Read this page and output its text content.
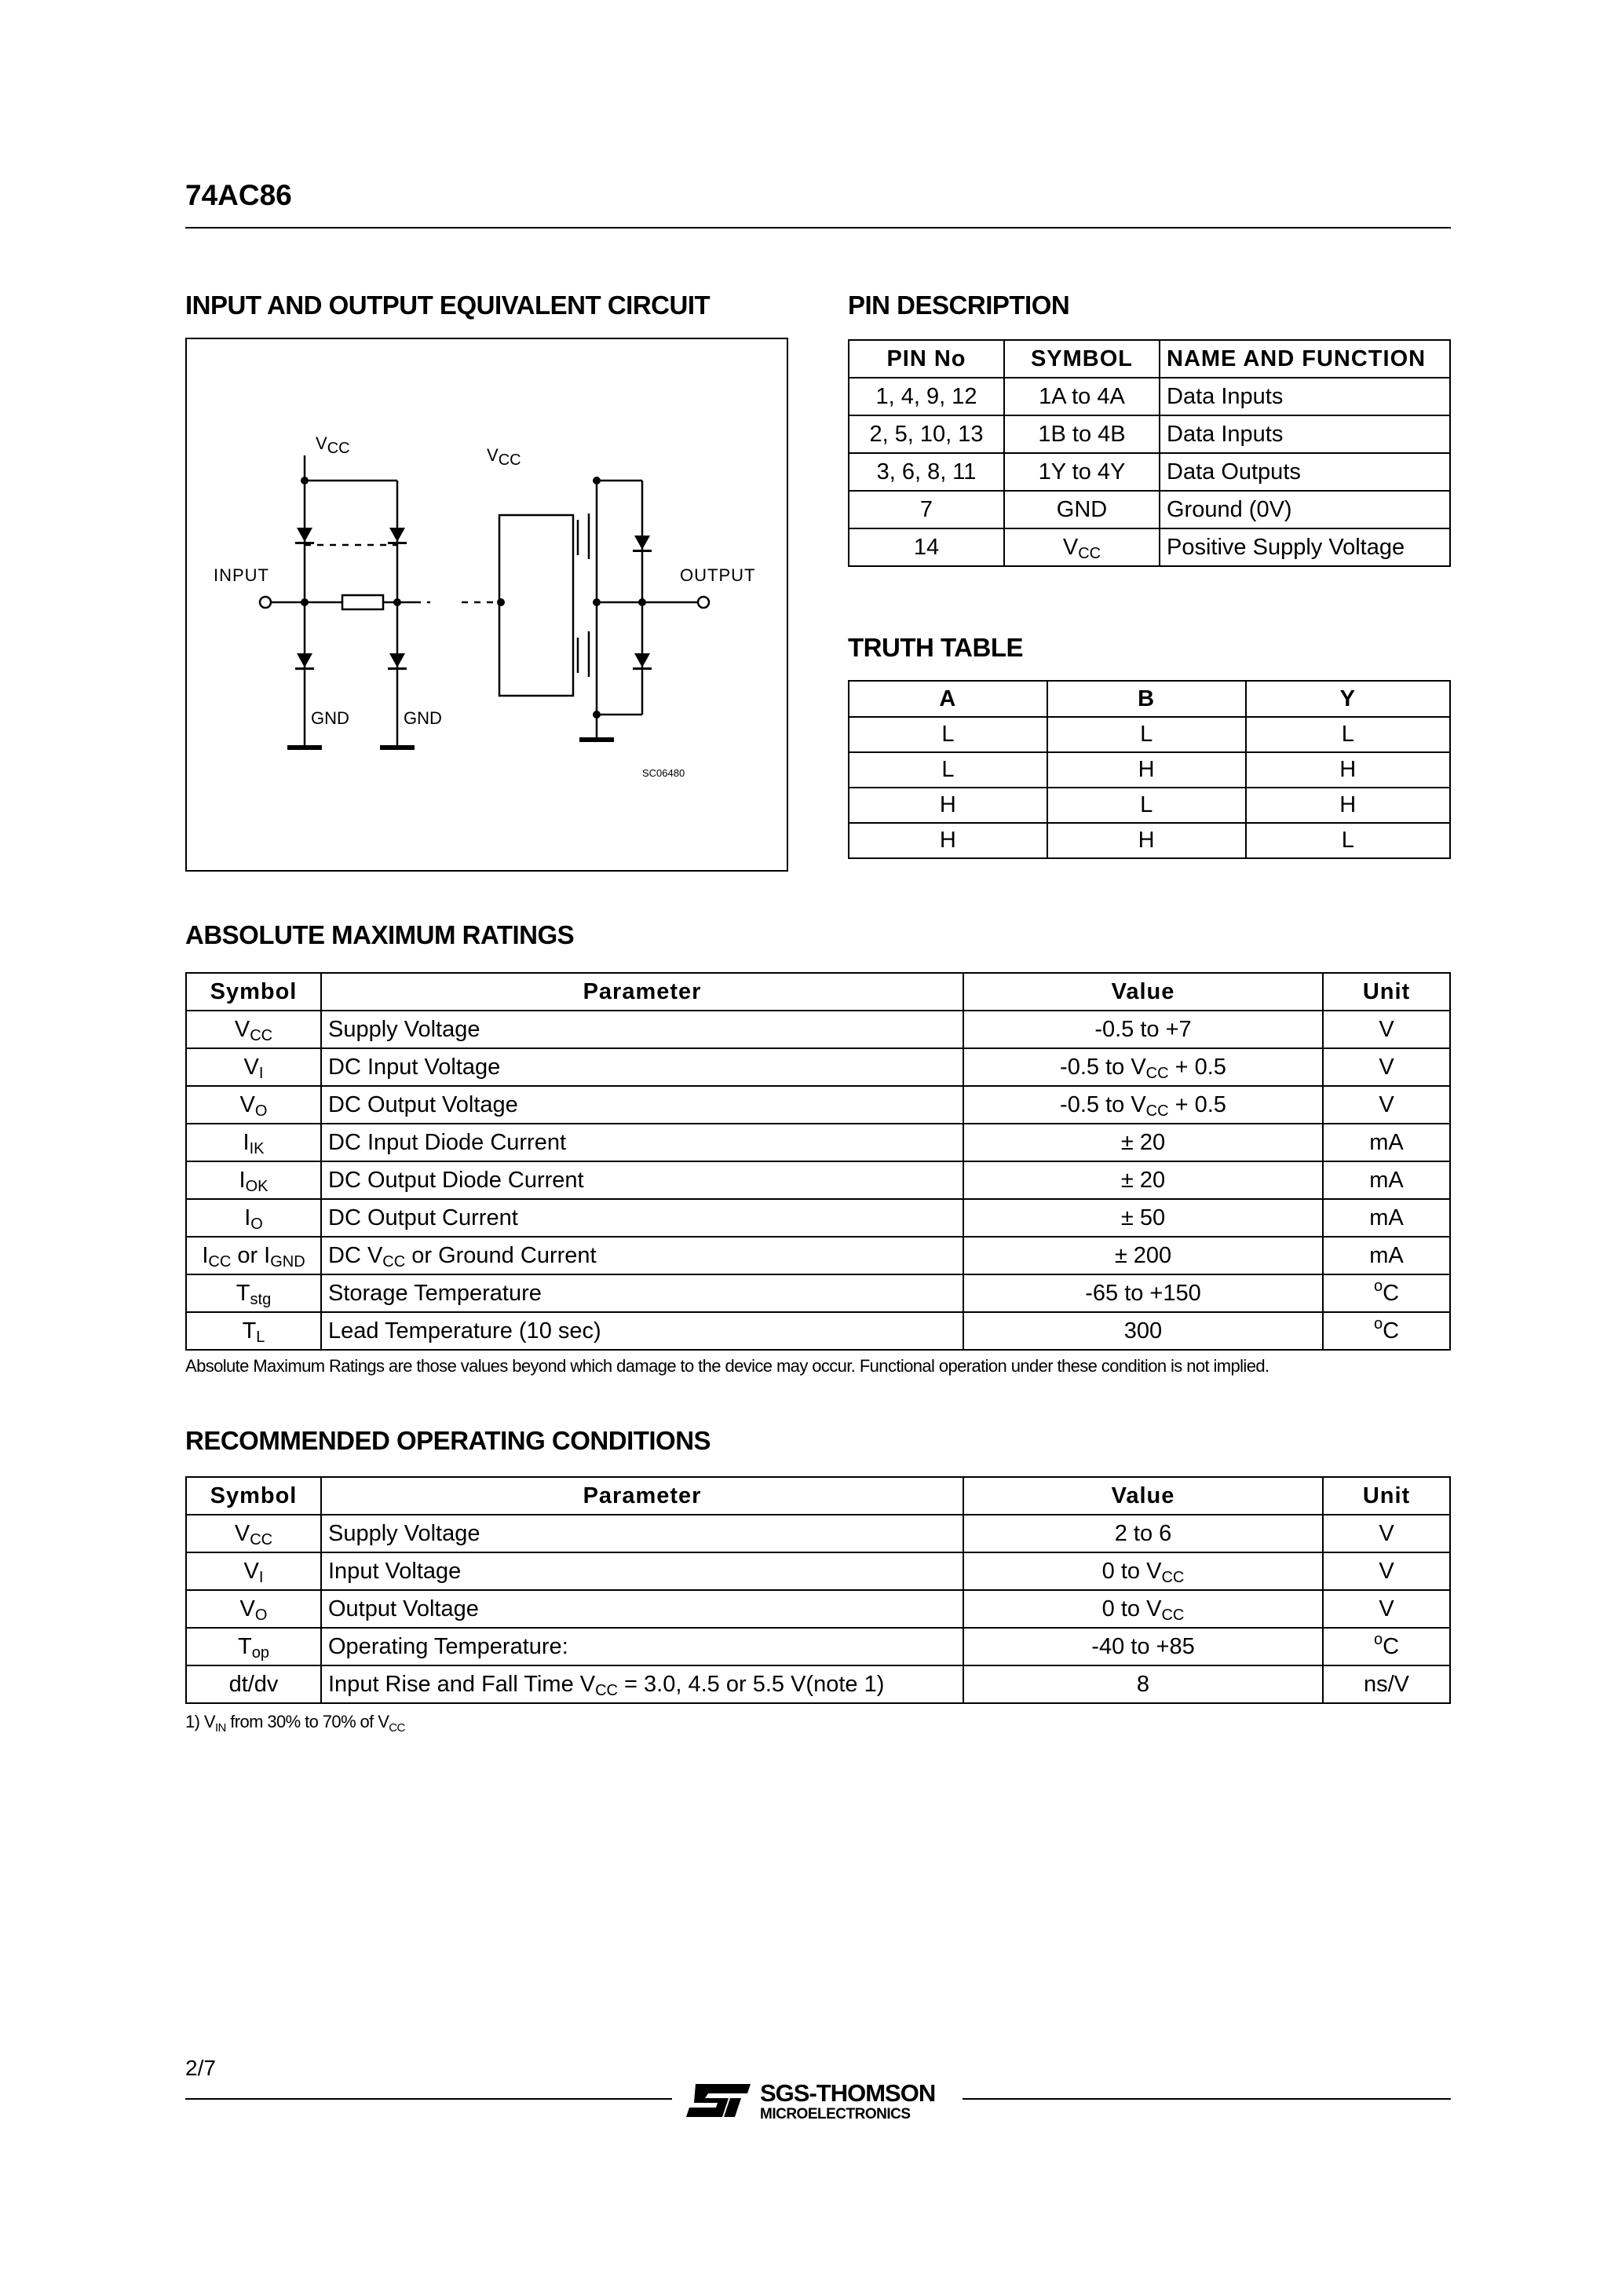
74AC86
INPUT AND OUTPUT EQUIVALENT CIRCUIT
$V_{CC}$	$V_{CC}$
INPUT	OUTPUT
GND	GND
SC06480
PIN DESCRIPTION
PIN No	SYMBOL	NAME AND FUNCTION
1, 4, 9, 12	1A to 4A	Data Inputs
2, 5, 10, 13	1B to 4B	Data Inputs
3, 6, 8, 11	1Y to 4Y	Data Outputs
7	GND	Ground (0V)
14	$V_{CC}$	Positive Supply Voltage
TRUTH TABLE
A	B	Y
L	L	L
L	H	H
H	L	H
H	H	L
ABSOLUTE MAXIMUM RATINGS
Symbol	Parameter	Value	Unit
$V_{CC}$	Supply Voltage	-0.5 to +7	V
$V_I$	DC Input Voltage	-0.5 to $V_{CC} + 0.5$	V
$V_O$	DC Output Voltage	-0.5 to $V_{CC} + 0.5$	V
$I_{IK}$	DC Input Diode Current	± 20	mA
$I_{OK}$	DC Output Diode Current	± 20	mA
$I_O$	DC Output Current	± 50	mA
$I_{CC}$ or $I_{GND}$	DC $V_{CC}$ or Ground Current	± 200	mA
$T_{stg}$	Storage Temperature	-65 to +150	$^o$C
$T_L$	Lead Temperature (10 sec)	300	$^o$C
Absolute Maximum Ratings are those values beyond which damage to the device may occur. Functional operation under these condition is not implied.
RECOMMENDED OPERATING CONDITIONS
Symbol	Parameter	Value	Unit
$V_{CC}$	Supply Voltage	2 to 6	V
$V_I$	Input Voltage	0 to $V_{CC}$	V
$V_O$	Output Voltage	0 to $V_{CC}$	V
$T_{op}$	Operating Temperature:	-40 to +85	$^o$C
dt/dv	Input Rise and Fall Time $V_{CC} = 3.0$, 4.5 or 5.5 V(note 1)	8	ns/V
1) $V_{IN}$ from 30% to 70% of $V_{CC}$
2/7
SGS-THOMSON
MICROELECTRONICS
